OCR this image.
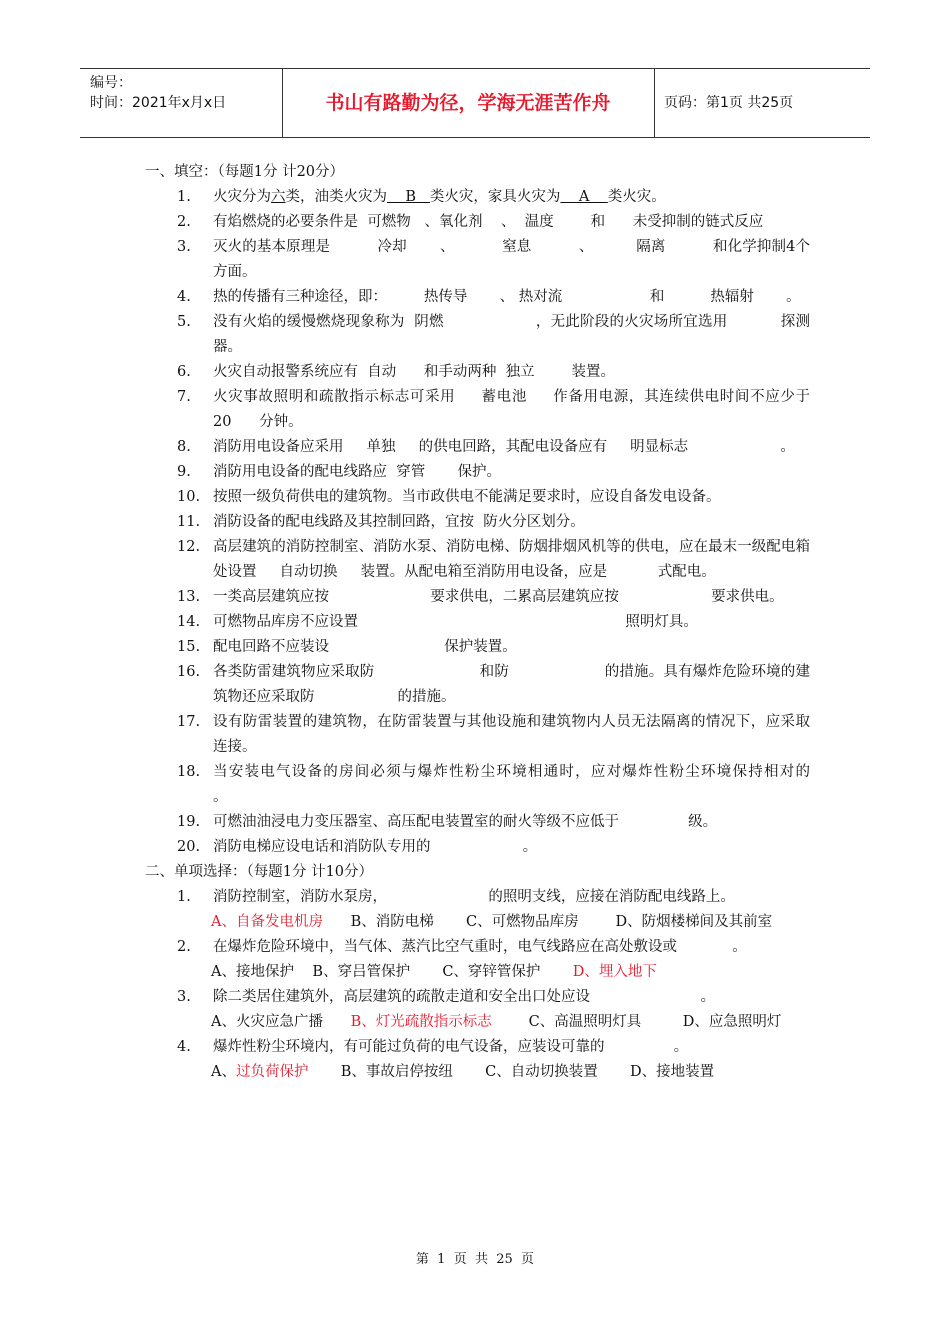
编号：
时间：2021年x月x日	书山有路勤为径，学海无涯苦作舟	页码：第1页 共25页
一、填空：（每题1分 计20分）
1.	火灾分为六类，油类火灾为    B   类火灾，家具火灾为    A    类火灾。
2.	有焰燃烧的必要条件是  可燃物   、氧化剂    、  温度        和      未受抑制的链式反应
3.	灭火的基本原理是          冷却       、          窒息          、         隔离          和化学抑制4个方面。
4.	热的传播有三种途径，即：        热传导       、 热对流                   和          热辐射       。
5.	没有火焰的缓慢燃烧现象称为  阴燃                   ，无此阶段的火灾场所宜选用           探测器。
6.	火灾自动报警系统应有  自动      和手动两种  独立        装置。
7.	火灾事故照明和疏散指示标志可采用     蓄电池     作备用电源，其连续供电时间不应少于      20      分钟。
8.	消防用电设备应采用     单独     的供电回路，其配电设备应有     明显标志                    。
9.	消防用电设备的配电线路应  穿管       保护。
10. 按照一级负荷供电的建筑物。当市政供电不能满足要求时，应设自备发电设备。
11. 消防设备的配电线路及其控制回路，宜按  防火分区划分。
12. 高层建筑的消防控制室、消防水泵、消防电梯、防烟排烟风机等的供电，应在最末一级配电箱处设置     自动切换     装置。从配电箱至消防用电设备，应是           式配电。
13. 一类高层建筑应按                      要求供电，二累高层建筑应按                    要求供电。
14. 可燃物品库房不应设置                                                          照明灯具。
15. 配电回路不应装设                         保护装置。
16. 各类防雷建筑物应采取防                      和防                    的措施。具有爆炸危险环境的建筑物还应采取防                  的措施。
17. 设有防雷装置的建筑物，在防雷装置与其他设施和建筑物内人员无法隔离的情况下，应采取               连接。
18. 当安装电气设备的房间必须与爆炸性粉尘环境相通时，应对爆炸性粉尘环境保持相对的                  。
19. 可燃油油浸电力变压器室、高压配电装置室的耐火等级不应低于               级。
20. 消防电梯应设电话和消防队专用的                    。
二、单项选择：（每题1分 计10分）
1.	消防控制室，消防水泵房，                      的照明支线，应接在消防配电线路上。
A、自备发电机房      B、消防电梯       C、可燃物品库房        D、防烟楼梯间及其前室
2.	在爆炸危险环境中，当气体、蒸汽比空气重时，电气线路应在高处敷设或            。
A、接地保护    B、穿吕管保护       C、穿锌管保护       D、埋入地下
3.	除二类居住建筑外，高层建筑的疏散走道和安全出口处应设                        。
A、火灾应急广播      B、灯光疏散指示标志        C、高温照明灯具         D、应急照明灯
4.	爆炸性粉尘环境内，有可能过负荷的电气设备，应装设可靠的               。
A、过负荷保护       B、事故启停按纽       C、自动切换装置       D、接地装置
第  1  页  共  25  页
